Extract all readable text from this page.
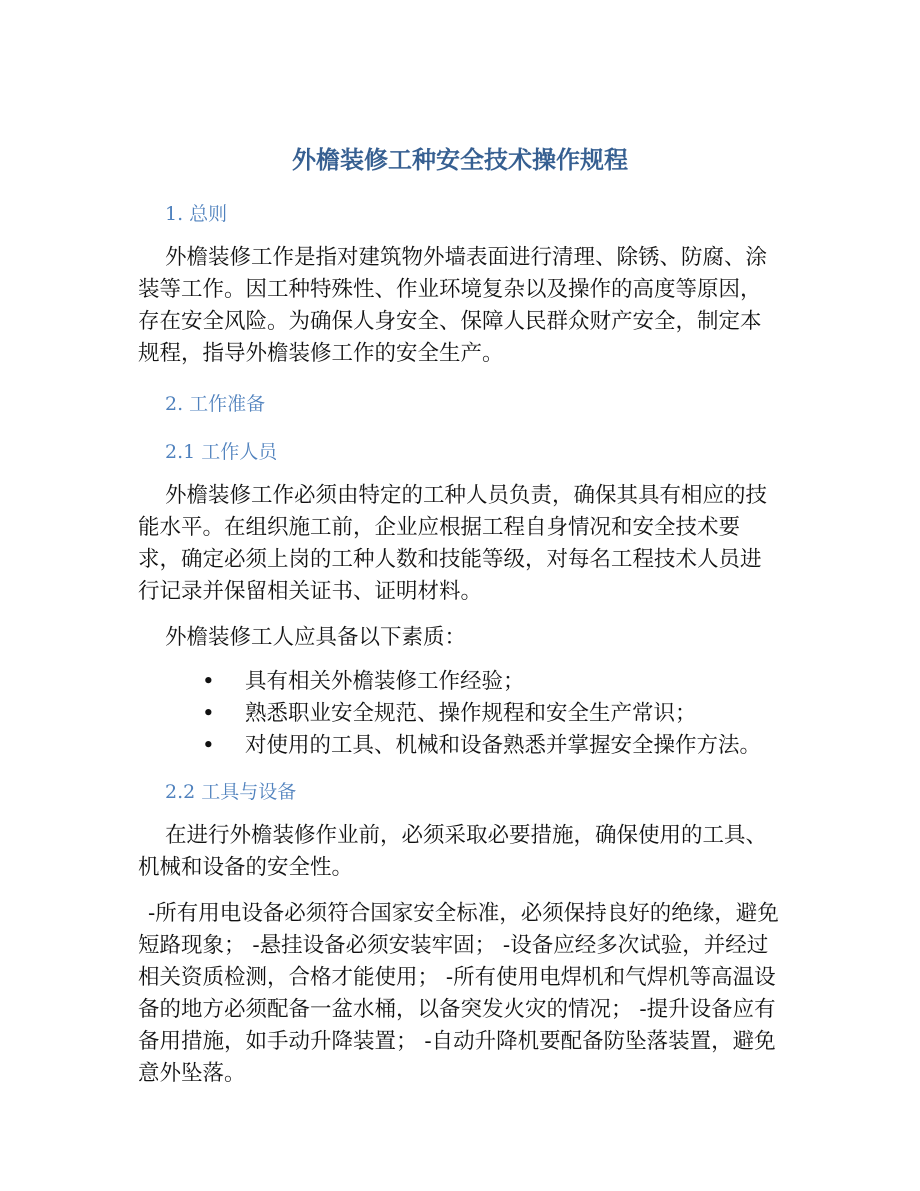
外檐装修工种安全技术操作规程
1. 总则

外檐装修工作是指对建筑物外墙表面进行清理、除锈、防腐、涂装等工作。因工种特殊性、作业环境复杂以及操作的高度等原因，存在安全风险。为确保人身安全、保障人民群众财产安全，制定本规程，指导外檐装修工作的安全生产。

2. 工作准备
2.1 工作人员

外檐装修工作必须由特定的工种人员负责，确保其具有相应的技能水平。在组织施工前，企业应根据工程自身情况和安全技术要求，确定必须上岗的工种人数和技能等级，对每名工程技术人员进行记录并保留相关证书、证明材料。

外檐装修工人应具备以下素质：

• 具有相关外檐装修工作经验；
• 熟悉职业安全规范、操作规程和安全生产常识；
• 对使用的工具、机械和设备熟悉并掌握安全操作方法。
2.2 工具与设备

在进行外檐装修作业前，必须采取必要措施，确保使用的工具、机械和设备的安全性。

-所有用电设备必须符合国家安全标准，必须保持良好的绝缘，避免短路现象； -悬挂设备必须安装牢固； -设备应经多次试验，并经过相关资质检测，合格才能使用； -所有使用电焊机和气焊机等高温设备的地方必须配备一盆水桶，以备突发火灾的情况； -提升设备应有备用措施，如手动升降装置； -自动升降机要配备防坠落装置，避免意外坠落。
